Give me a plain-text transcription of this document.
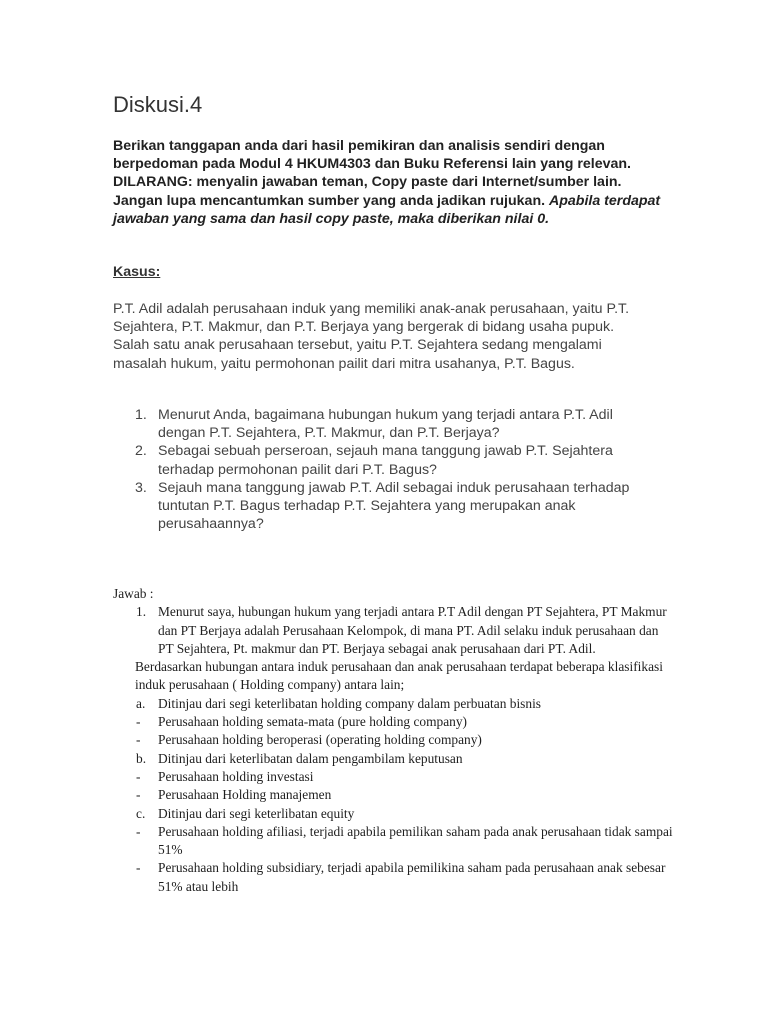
Diskusi.4

Berikan tanggapan anda dari hasil pemikiran dan analisis sendiri dengan berpedoman pada Modul 4 HKUM4303 dan Buku Referensi lain yang relevan. DILARANG: menyalin jawaban teman, Copy paste dari Internet/sumber lain. Jangan lupa mencantumkan sumber yang anda jadikan rujukan. Apabila terdapat jawaban yang sama dan hasil copy paste, maka diberikan nilai 0.

Kasus:

P.T. Adil adalah perusahaan induk yang memiliki anak-anak perusahaan, yaitu P.T. Sejahtera, P.T. Makmur, dan P.T. Berjaya yang bergerak di bidang usaha pupuk. Salah satu anak perusahaan tersebut, yaitu P.T. Sejahtera sedang mengalami masalah hukum, yaitu permohonan pailit dari mitra usahanya, P.T. Bagus.

1. Menurut Anda, bagaimana hubungan hukum yang terjadi antara P.T. Adil dengan P.T. Sejahtera, P.T. Makmur, dan P.T. Berjaya?
2. Sebagai sebuah perseroan, sejauh mana tanggung jawab P.T. Sejahtera terhadap permohonan pailit dari P.T. Bagus?
3. Sejauh mana tanggung jawab P.T. Adil sebagai induk perusahaan terhadap tuntutan P.T. Bagus terhadap P.T. Sejahtera yang merupakan anak perusahaannya?

Jawab :

1. Menurut saya, hubungan hukum yang terjadi antara P.T Adil dengan PT Sejahtera, PT Makmur dan PT Berjaya adalah Perusahaan Kelompok, di mana PT. Adil selaku induk perusahaan dan PT Sejahtera, Pt. makmur dan PT. Berjaya sebagai anak perusahaan dari PT. Adil.

Berdasarkan hubungan antara induk perusahaan dan anak perusahaan terdapat beberapa klasifikasi induk perusahaan ( Holding company) antara lain;

a. Ditinjau dari segi keterlibatan holding company dalam perbuatan bisnis

- Perusahaan holding semata-mata (pure holding company)

- Perusahaan holding beroperasi (operating holding company)

b. Ditinjau dari keterlibatan dalam pengambilam keputusan

- Perusahaan holding investasi

- Perusahaan Holding manajemen

c. Ditinjau dari segi keterlibatan equity

- Perusahaan holding afiliasi, terjadi apabila pemilikan saham pada anak perusahaan tidak sampai 51%

- Perusahaan holding subsidiary, terjadi apabila pemilikina saham pada perusahaan anak sebesar 51% atau lebih
